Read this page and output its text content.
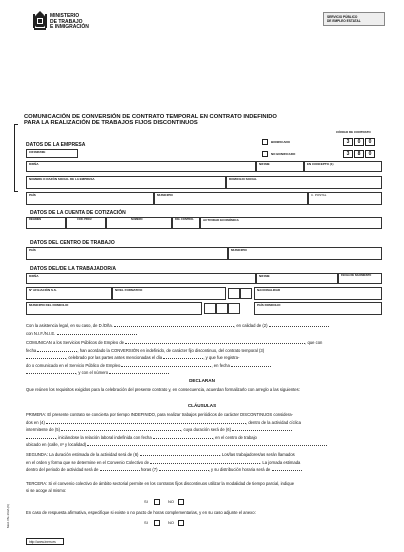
MINISTERIO
DE TRABAJO
E INMIGRACIÓN
SERVICIO PÚBLICO
DE EMPLEO ESTATAL
COMUNICACIÓN DE CONVERSIÓN DE CONTRATO TEMPORAL EN CONTRATO INDEFINIDO
PARA LA REALIZACIÓN DE TRABAJOS FIJOS DISCONTINUOS
CÓDIGO DE CONTRATO
BONIFICADO
NO BONIFICADO
3	0	0
3	8	0
DATOS DE LA EMPRESA
CIF/NIF/NIE
D/DÑA	NIF/NIE	EN CONCEPTO (1)
NOMBRE O RAZÓN SOCIAL DE LA EMPRESA	DOMICILIO SOCIAL
PAÍS	MUNICIPIO	C. POSTAL
DATOS DE LA CUENTA DE COTIZACIÓN
RÉGIMEN	COD. PROV.	NÚMERO	DIG. CONTROL	ACTIVIDAD ECONÓMICA
DATOS DEL CENTRO DE TRABAJO
PAÍS	MUNICIPIO
DATOS DEL/DE LA TRABAJADOR/A
D/DÑA	NIF/NIE	FECHA DE NACIMIENTO
Nº AFILIACIÓN S.S.	NIVEL FORMATIVO	NACIONALIDAD
MUNICIPIO DEL DOMICILIO	PAÍS DOMICILIO
Con la asistencia legal, en su caso, de D./Dña.	, en calidad de (2)
con N.I.F./N.I.E.
COMUNICAN a los Servicios Públicos de Empleo de	, que con
fecha	, han acordado la CONVERSIÓN en indefinido, de carácter fijo discontinuo, del contrato temporal (3)
, celebrado por las partes antes mencionadas el día	, y que fue registra-
do o comunicado en el Servicio Público de Empleo	, en fecha
, y con el número
DECLARAN
Que reúnen los requisitos exigidos para la celebración del presente contrato y, en consecuencia, acuerdan formalizarlo con arreglo a las siguientes:
CLÁUSULAS
PRIMERA: El presente contrato se concierta por tiempo INDEFINIDO, para realizar trabajos periódicos de carácter DISCONTINUOS considera-
dos en (4)	, dentro de la actividad cíclica
intermitente de (5)	, cuya duración será de (6)
, iniciándose la relación laboral indefinida con fecha	, en el centro de trabajo
ubicado en (calle, nº y localidad)
SEGUNDA: La duración estimada de la actividad será de (6)	. Los/las trabajadores/as serán llamados
en el orden y forma que se determine en el Convenio Colectivo de	. La jornada estimada
dentro del periodo de actividad será de	horas (7)	, y su distribución horaria será de
TERCERA: Si el convenio colectivo de ámbito sectorial permite en los contratos fijos discontinuos utilizar la modalidad de tiempo parcial, indique
si se acoge al mismo:
SI	NO
En caso de respuesta afirmativa, especifique si existe o no pacto de horas complementarias, y en su caso adjunte el anexo:
SI	NO
Mod. PE-163A (6)
http://www.inem.es
